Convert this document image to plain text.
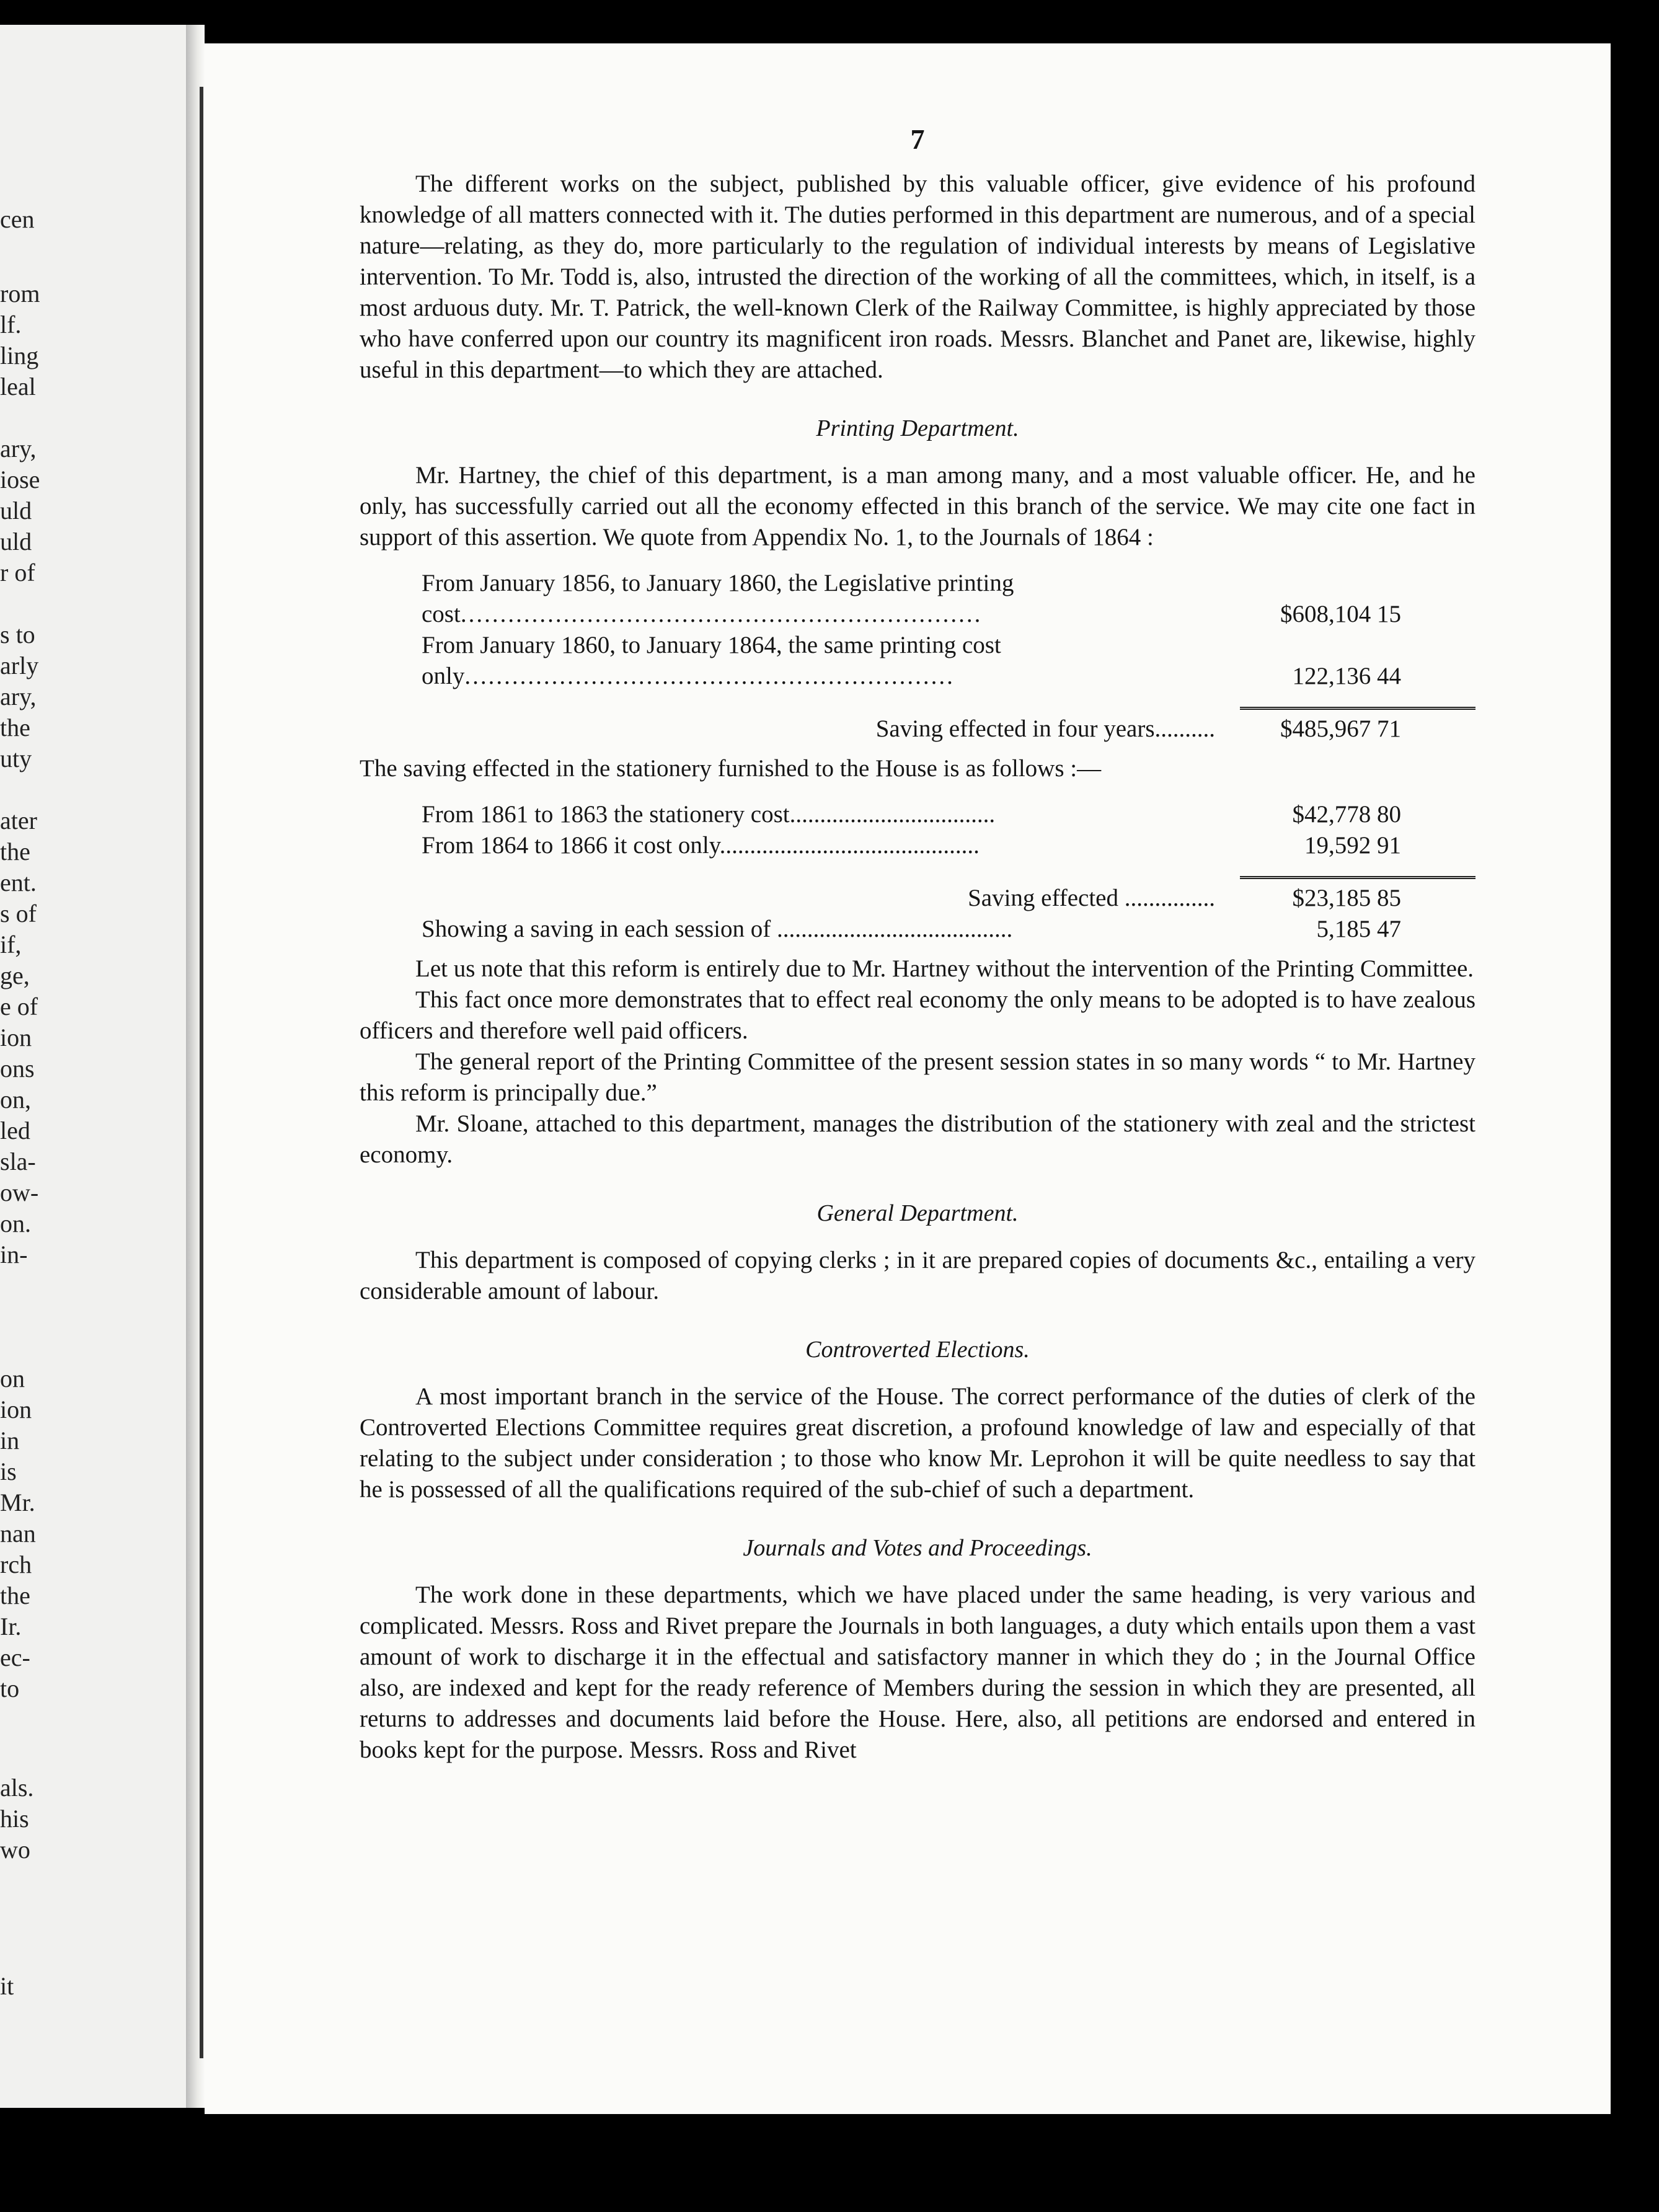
cen
rom
lf.
ling
leal
ary,
iose
uld
uld
r of
s to
arly
ary,
the
uty
ater
the
ent.
s of
if,
ge,
e of
ion
ons
on,
led
sla-
ow-
on.
in-
on
ion
in
is
Mr.
nan
rch
the
Ir.
ec-
to
als.
his
wo
it
7

The different works on the subject, published by this valuable officer, give evidence of his profound knowledge of all matters connected with it. The duties performed in this department are numerous, and of a special nature—relating, as they do, more particularly to the regulation of individual interests by means of Legislative intervention. To Mr. Todd is, also, intrusted the direction of the working of all the committees, which, in itself, is a most arduous duty. Mr. T. Patrick, the well-known Clerk of the Railway Committee, is highly appreciated by those who have conferred upon our country its magnificent iron roads. Messrs. Blanchet and Panet are, likewise, highly useful in this department—to which they are attached.

Printing Department.

Mr. Hartney, the chief of this department, is a man among many, and a most valuable officer. He, and he only, has successfully carried out all the economy effected in this branch of the service. We may cite one fact in support of this assertion. We quote from Appendix No. 1, to the Journals of 1864 :

From January 1856, to January 1860, the Legislative printing cost..................................................................	$608,104 15
From January 1860, to January 1864, the same printing cost only..............................................................	122,136 44
Saving effected in four years..........	$485,967 71

The saving effected in the stationery furnished to the House is as follows :—

From 1861 to 1863 the stationery cost..................................	$42,778 80
From 1864 to 1866 it cost only...........................................	19,592 91
Saving effected ...............	$23,185 85
Showing a saving in each session of .......................................	5,185 47

Let us note that this reform is entirely due to Mr. Hartney without the intervention of the Printing Committee.

This fact once more demonstrates that to effect real economy the only means to be adopted is to have zealous officers and therefore well paid officers.

The general report of the Printing Committee of the present session states in so many words “ to Mr. Hartney this reform is principally due.”

Mr. Sloane, attached to this department, manages the distribution of the stationery with zeal and the strictest economy.

General Department.

This department is composed of copying clerks ; in it are prepared copies of documents &c., entailing a very considerable amount of labour.

Controverted Elections.

A most important branch in the service of the House. The correct performance of the duties of clerk of the Controverted Elections Committee requires great discretion, a profound knowledge of law and especially of that relating to the subject under consideration ; to those who know Mr. Leprohon it will be quite needless to say that he is possessed of all the qualifications required of the sub-chief of such a department.

Journals and Votes and Proceedings.

The work done in these departments, which we have placed under the same heading, is very various and complicated. Messrs. Ross and Rivet prepare the Journals in both languages, a duty which entails upon them a vast amount of work to discharge it in the effectual and satisfactory manner in which they do ; in the Journal Office also, are indexed and kept for the ready reference of Members during the session in which they are presented, all returns to addresses and documents laid before the House. Here, also, all petitions are endorsed and entered in books kept for the purpose. Messrs. Ross and Rivet
